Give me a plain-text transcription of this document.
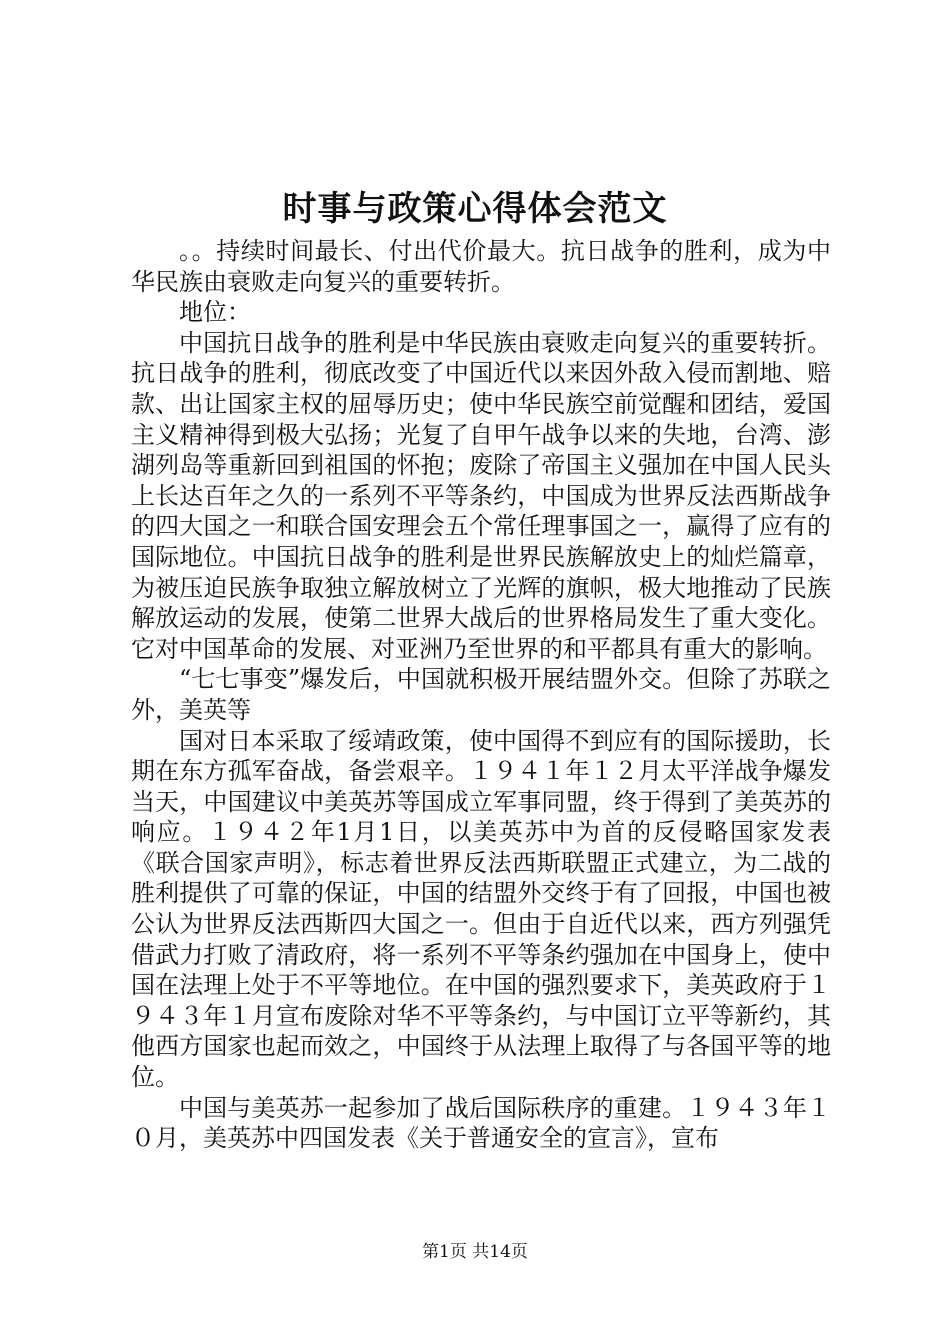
时事与政策心得体会范文

。。持续时间最长、付出代价最大。抗日战争的胜利，成为中华民族由衰败走向复兴的重要转折。

地位：

中国抗日战争的胜利是中华民族由衰败走向复兴的重要转折。抗日战争的胜利，彻底改变了中国近代以来因外敌入侵而割地、赔款、出让国家主权的屈辱历史；使中华民族空前觉醒和团结，爱国主义精神得到极大弘扬；光复了自甲午战争以来的失地，台湾、澎湖列岛等重新回到祖国的怀抱；废除了帝国主义强加在中国人民头上长达百年之久的一系列不平等条约，中国成为世界反法西斯战争的四大国之一和联合国安理会五个常任理事国之一，赢得了应有的国际地位。中国抗日战争的胜利是世界民族解放史上的灿烂篇章，为被压迫民族争取独立解放树立了光辉的旗帜，极大地推动了民族解放运动的发展，使第二世界大战后的世界格局发生了重大变化。它对中国革命的发展、对亚洲乃至世界的和平都具有重大的影响。

“七七事变”爆发后，中国就积极开展结盟外交。但除了苏联之外，美英等

国对日本采取了绥靖政策，使中国得不到应有的国际援助，长期在东方孤军奋战，备尝艰辛。１９４１年１２月太平洋战争爆发当天，中国建议中美英苏等国成立军事同盟，终于得到了美英苏的响应。１９４２年1月1日，以美英苏中为首的反侵略国家发表《联合国家声明》，标志着世界反法西斯联盟正式建立，为二战的胜利提供了可靠的保证，中国的结盟外交终于有了回报，中国也被公认为世界反法西斯四大国之一。但由于自近代以来，西方列强凭借武力打败了清政府，将一系列不平等条约强加在中国身上，使中国在法理上处于不平等地位。在中国的强烈要求下，美英政府于１９４３年１月宣布废除对华不平等条约，与中国订立平等新约，其他西方国家也起而效之，中国终于从法理上取得了与各国平等的地位。

中国与美英苏一起参加了战后国际秩序的重建。１９４３年１０月，美英苏中四国发表《关于普通安全的宣言》，宣布

第1页 共14页
